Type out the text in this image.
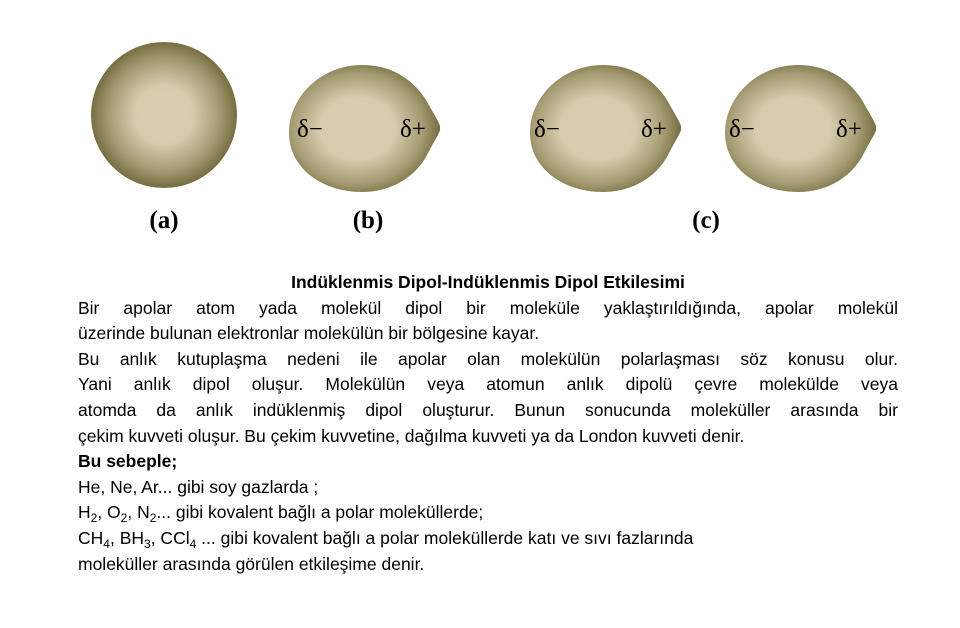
δ−	δ+	δ−	δ+ δ−	δ+
(a)	(b)	(c)
Indüklenmis Dipol-Indüklenmis Dipol Etkilesimi
Bir apolar atom yada molekül dipol bir moleküle yaklaştırıldığında, apolar molekül
üzerinde bulunan elektronlar molekülün bir bölgesine kayar.
Bu anlık kutuplaşma nedeni ile apolar olan molekülün polarlaşması söz konusu olur.
Yani anlık dipol oluşur. Molekülün veya atomun anlık dipolü çevre molekülde veya
atomda da anlık indüklenmiş dipol oluşturur. Bunun sonucunda moleküller arasında bir
çekim kuvveti oluşur. Bu çekim kuvvetine, dağılma kuvveti ya da London kuvveti denir.
Bu sebeple;
He, Ne, Ar... gibi soy gazlarda ;
$H_2$, $O_2$, $N_2$... gibi kovalent bağlı a polar moleküllerde;
$CH_4$, $BH_3$, CCl$_4$ ... gibi kovalent bağlı a polar moleküllerde katı ve sıvı fazlarında
moleküller arasında görülen etkileşime denir.
